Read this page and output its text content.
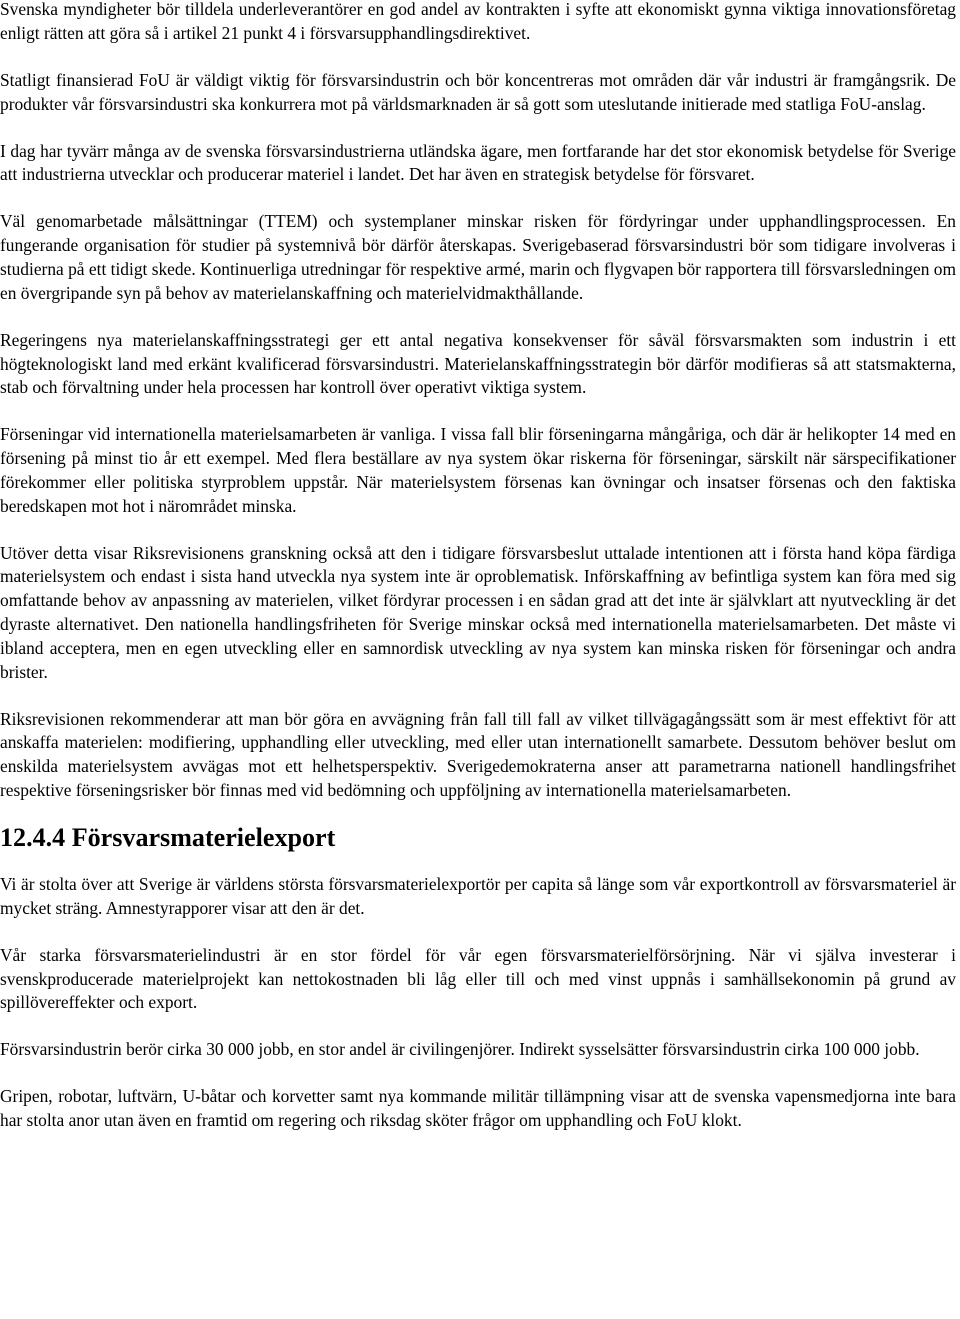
Svenska myndigheter bör tilldela underleverantörer en god andel av kontrakten i syfte att ekonomiskt gynna viktiga innovationsföretag enligt rätten att göra så i artikel 21 punkt 4 i försvarsupphandlingsdirektivet.

Statligt finansierad FoU är väldigt viktig för försvarsindustrin och bör koncentreras mot områden där vår industri är framgångsrik. De produkter vår försvarsindustri ska konkurrera mot på världsmarknaden är så gott som uteslutande initierade med statliga FoU-anslag.

I dag har tyvärr många av de svenska försvarsindustrierna utländska ägare, men fortfarande har det stor ekonomisk betydelse för Sverige att industrierna utvecklar och producerar materiel i landet. Det har även en strategisk betydelse för försvaret.

Väl genomarbetade målsättningar (TTEM) och systemplaner minskar risken för fördyringar under upphandlingsprocessen. En fungerande organisation för studier på systemnivå bör därför återskapas. Sverigebaserad försvarsindustri bör som tidigare involveras i studierna på ett tidigt skede. Kontinuerliga utredningar för respektive armé, marin och flygvapen bör rapportera till försvarsledningen om en övergripande syn på behov av materielanskaffning och materielvidmakthållande.

Regeringens nya materielanskaffningsstrategi ger ett antal negativa konsekvenser för såväl försvarsmakten som industrin i ett högteknologiskt land med erkänt kvalificerad försvarsindustri. Materielanskaffningsstrategin bör därför modifieras så att statsmakterna, stab och förvaltning under hela processen har kontroll över operativt viktiga system.

Förseningar vid internationella materielsamarbeten är vanliga. I vissa fall blir förseningarna mångåriga, och där är helikopter 14 med en försening på minst tio år ett exempel. Med flera beställare av nya system ökar riskerna för förseningar, särskilt när särspecifikationer förekommer eller politiska styrproblem uppstår. När materielsystem försenas kan övningar och insatser försenas och den faktiska beredskapen mot hot i närområdet minska.

Utöver detta visar Riksrevisionens granskning också att den i tidigare försvarsbeslut uttalade intentionen att i första hand köpa färdiga materielsystem och endast i sista hand utveckla nya system inte är oproblematisk. Införskaffning av befintliga system kan föra med sig omfattande behov av anpassning av materielen, vilket fördyrar processen i en sådan grad att det inte är självklart att nyutveckling är det dyraste alternativet. Den nationella handlingsfriheten för Sverige minskar också med internationella materielsamarbeten. Det måste vi ibland acceptera, men en egen utveckling eller en samnordisk utveckling av nya system kan minska risken för förseningar och andra brister.

Riksrevisionen rekommenderar att man bör göra en avvägning från fall till fall av vilket tillvägagångssätt som är mest effektivt för att anskaffa materielen: modifiering, upphandling eller utveckling, med eller utan internationellt samarbete. Dessutom behöver beslut om enskilda materielsystem avvägas mot ett helhetsperspektiv. Sverigedemokraterna anser att parametrarna nationell handlingsfrihet respektive förseningsrisker bör finnas med vid bedömning och uppföljning av internationella materielsamarbeten.

12.4.4 Försvarsmaterielexport

Vi är stolta över att Sverige är världens största försvarsmaterielexportör per capita så länge som vår exportkontroll av försvarsmateriel är mycket sträng. Amnestyrapporer visar att den är det.

Vår starka försvarsmaterielindustri är en stor fördel för vår egen försvarsmaterielförsörjning. När vi själva investerar i svenskproducerade materielprojekt kan nettokostnaden bli låg eller till och med vinst uppnås i samhällsekonomin på grund av spillövereffekter och export.

Försvarsindustrin berör cirka 30 000 jobb, en stor andel är civilingenjörer. Indirekt sysselsätter försvarsindustrin cirka 100 000 jobb.

Gripen, robotar, luftvärn, U-båtar och korvetter samt nya kommande militär tillämpning visar att de svenska vapensmedjorna inte bara har stolta anor utan även en framtid om regering och riksdag sköter frågor om upphandling och FoU klokt.
